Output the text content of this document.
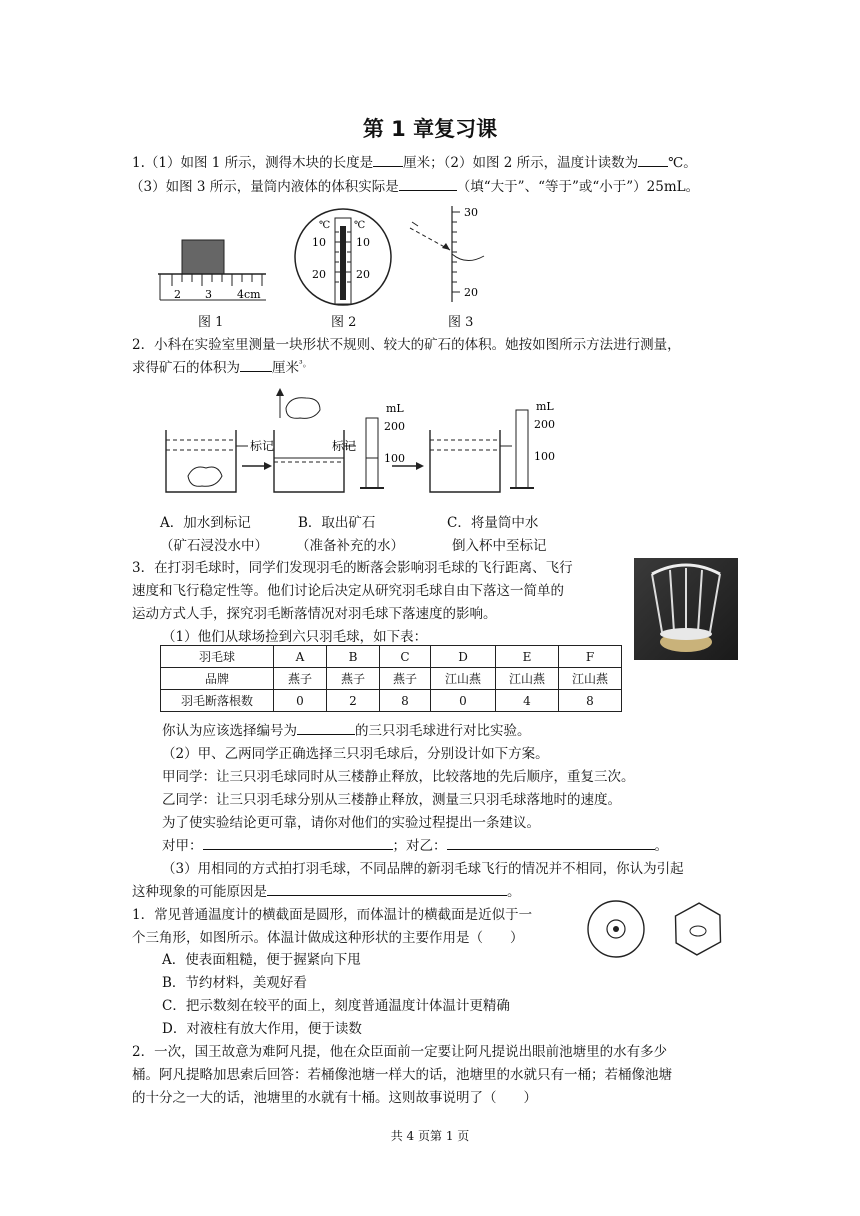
第 1 章复习课
1.（1）如图 1 所示，测得木块的长度是 厘米；（2）如图 2 所示，温度计读数为 ℃。
（3）如图 3 所示，量筒内液体的体积实际是	（填“大于”、“等于”或“小于”）25mL。
2 3 4cm
图 1
℃ ℃
10	10
20	20
图 2
30
20
图 3
2．小科在实验室里测量一块形状不规则、较大的矿石的体积。她按如图所示方法进行测量，
求得矿石的体积为 厘米$^{^3。}$
标记	标记
mL
200
100
mL
200
100
A．加水到标记	B．取出矿石	C．将量筒中水
（矿石浸没水中） （准备补充的水）	倒入杯中至标记
3．在打羽毛球时，同学们发现羽毛的断落会影响羽毛球的飞行距离、飞行
速度和飞行稳定性等。他们讨论后决定从研究羽毛球自由下落这一简单的
运动方式人手，探究羽毛断落情况对羽毛球下落速度的影响。
（1）他们从球场捡到六只羽毛球，如下表：
羽毛球	A	B	C	D	E	F
品牌	燕子	燕子	燕子	江山燕	江山燕	江山燕
羽毛断落根数	0	2	8	0	4	8
你认为应该选择编号为	的三只羽毛球进行对比实验。
（2）甲、乙两同学正确选择三只羽毛球后，分别设计如下方案。
甲同学：让三只羽毛球同时从三楼静止释放，比较落地的先后顺序，重复三次。
乙同学：让三只羽毛球分别从三楼静止释放，测量三只羽毛球落地时的速度。
为了使实验结论更可靠，请你对他们的实验过程提出一条建议。
对甲：	；对乙：	。
（3）用相同的方式拍打羽毛球，不同品牌的新羽毛球飞行的情况并不相同，你认为引起
这种现象的可能原因是	。
1．常见普通温度计的横截面是圆形，而体温计的横截面是近似于一
个三角形，如图所示。体温计做成这种形状的主要作用是（　　）
A．使表面粗糙，便于握紧向下甩
B．节约材料，美观好看
C．把示数刻在较平的面上，刻度普通温度计体温计更精确
D．对液柱有放大作用，便于读数
2．一次，国王故意为难阿凡提，他在众臣面前一定要让阿凡提说出眼前池塘里的水有多少
桶。阿凡提略加思索后回答：若桶像池塘一样大的话，池塘里的水就只有一桶；若桶像池塘
的十分之一大的话，池塘里的水就有十桶。这则故事说明了（　　）
共 4 页第 1 页
